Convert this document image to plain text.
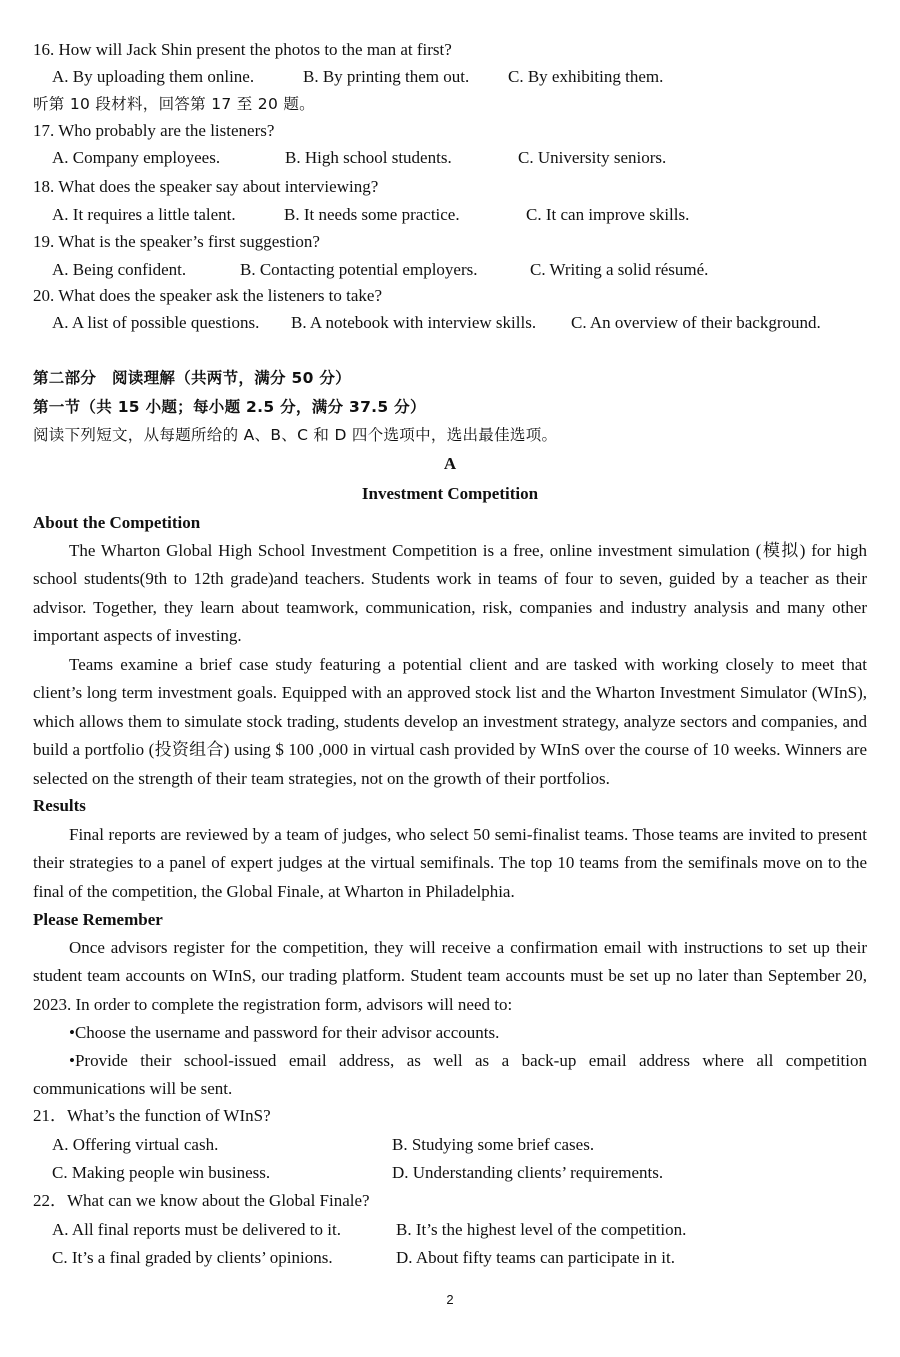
16. How will Jack Shin present the photos to the man at first?
A. By uploading them online.	B. By printing them out. C. By exhibiting them.
听第 10 段材料，回答第 17 至 20 题。
17. Who probably are the listeners?
A. Company employees.	B. High school students.	C. University seniors.
18. What does the speaker say about interviewing?
A. It requires a little talent.	B. It needs some practice.	C. It can improve skills.
19. What is the speaker’s first suggestion?
A. Being confident.	B. Contacting potential employers.	C. Writing a solid résumé.
20. What does the speaker ask the listeners to take?
A. A list of possible questions. B. A notebook with interview skills. C. An overview of their background.
第二部分　阅读理解（共两节，满分 50 分）
第一节（共 15 小题；每小题 2.5 分，满分 37.5 分）
阅读下列短文，从每题所给的 A、B、C 和 D 四个选项中，选出最佳选项。
A
Investment Competition
About the Competition

The Wharton Global High School Investment Competition is a free, online investment simulation (模拟) for high school students(9th to 12th grade)and teachers. Students work in teams of four to seven, guided by a teacher as their advisor. Together, they learn about teamwork, communication, risk, companies and industry analysis and many other important aspects of investing.

Teams examine a brief case study featuring a potential client and are tasked with working closely to meet that client’s long term investment goals. Equipped with an approved stock list and the Wharton Investment Simulator (WInS), which allows them to simulate stock trading, students develop an investment strategy, analyze sectors and companies, and build a portfolio (投资组合) using $ 100 ,000 in virtual cash provided by WInS over the course of 10 weeks. Winners are selected on the strength of their team strategies, not on the growth of their portfolios.

Results

Final reports are reviewed by a team of judges, who select 50 semi-finalist teams. Those teams are invited to present their strategies to a panel of expert judges at the virtual semifinals. The top 10 teams from the semifinals move on to the final of the competition, the Global Finale, at Wharton in Philadelphia.

Please Remember

Once advisors register for the competition, they will receive a confirmation email with instructions to set up their student team accounts on WInS, our trading platform. Student team accounts must be set up no later than September 20, 2023. In order to complete the registration form, advisors will need to:

•Choose the username and password for their advisor accounts.

•Provide their school-issued email address, as well as a back-up email address where all competition communications will be sent.

21．What’s the function of WInS?
A. Offering virtual cash.	B. Studying some brief cases.
C. Making people win business.	D. Understanding clients’ requirements.
22．What can we know about the Global Finale?
A. All final reports must be delivered to it.	B. It’s the highest level of the competition.
C. It’s a final graded by clients’ opinions.	D. About fifty teams can participate in it.
2
